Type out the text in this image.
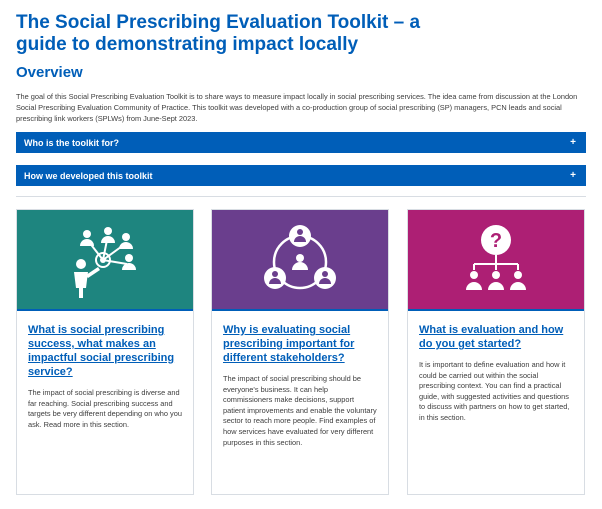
The Social Prescribing Evaluation Toolkit – a guide to demonstrating impact locally
Overview

The goal of this Social Prescribing Evaluation Toolkit is to share ways to measure impact locally in social prescribing services. The idea came from discussion at the London Social Prescribing Evaluation Community of Practice. This toolkit was developed with a co-production group of social prescribing (SP) managers, PCN leads and social prescribing link workers (SPLWs) from June-Sept 2023.

Who is the toolkit for?	+
How we developed this toolkit	+
What is social prescribing success, what makes an impactful social prescribing service?
The impact of social prescribing is diverse and far reaching. Social prescribing success and targets be very different depending on who you ask. Read more in this section.
Why is evaluating social prescribing important for different stakeholders?
The impact of social prescribing should be everyone's business. It can help commissioners make decisions, support patient improvements and enable the voluntary sector to reach more people. Find examples of how services have evaluated for very different purposes in this section.
?
What is evaluation and how do you get started?
It is important to define evaluation and how it could be carried out within the social prescribing context. You can find a practical guide, with suggested activities and questions to discuss with partners on how to get started, in this section.
